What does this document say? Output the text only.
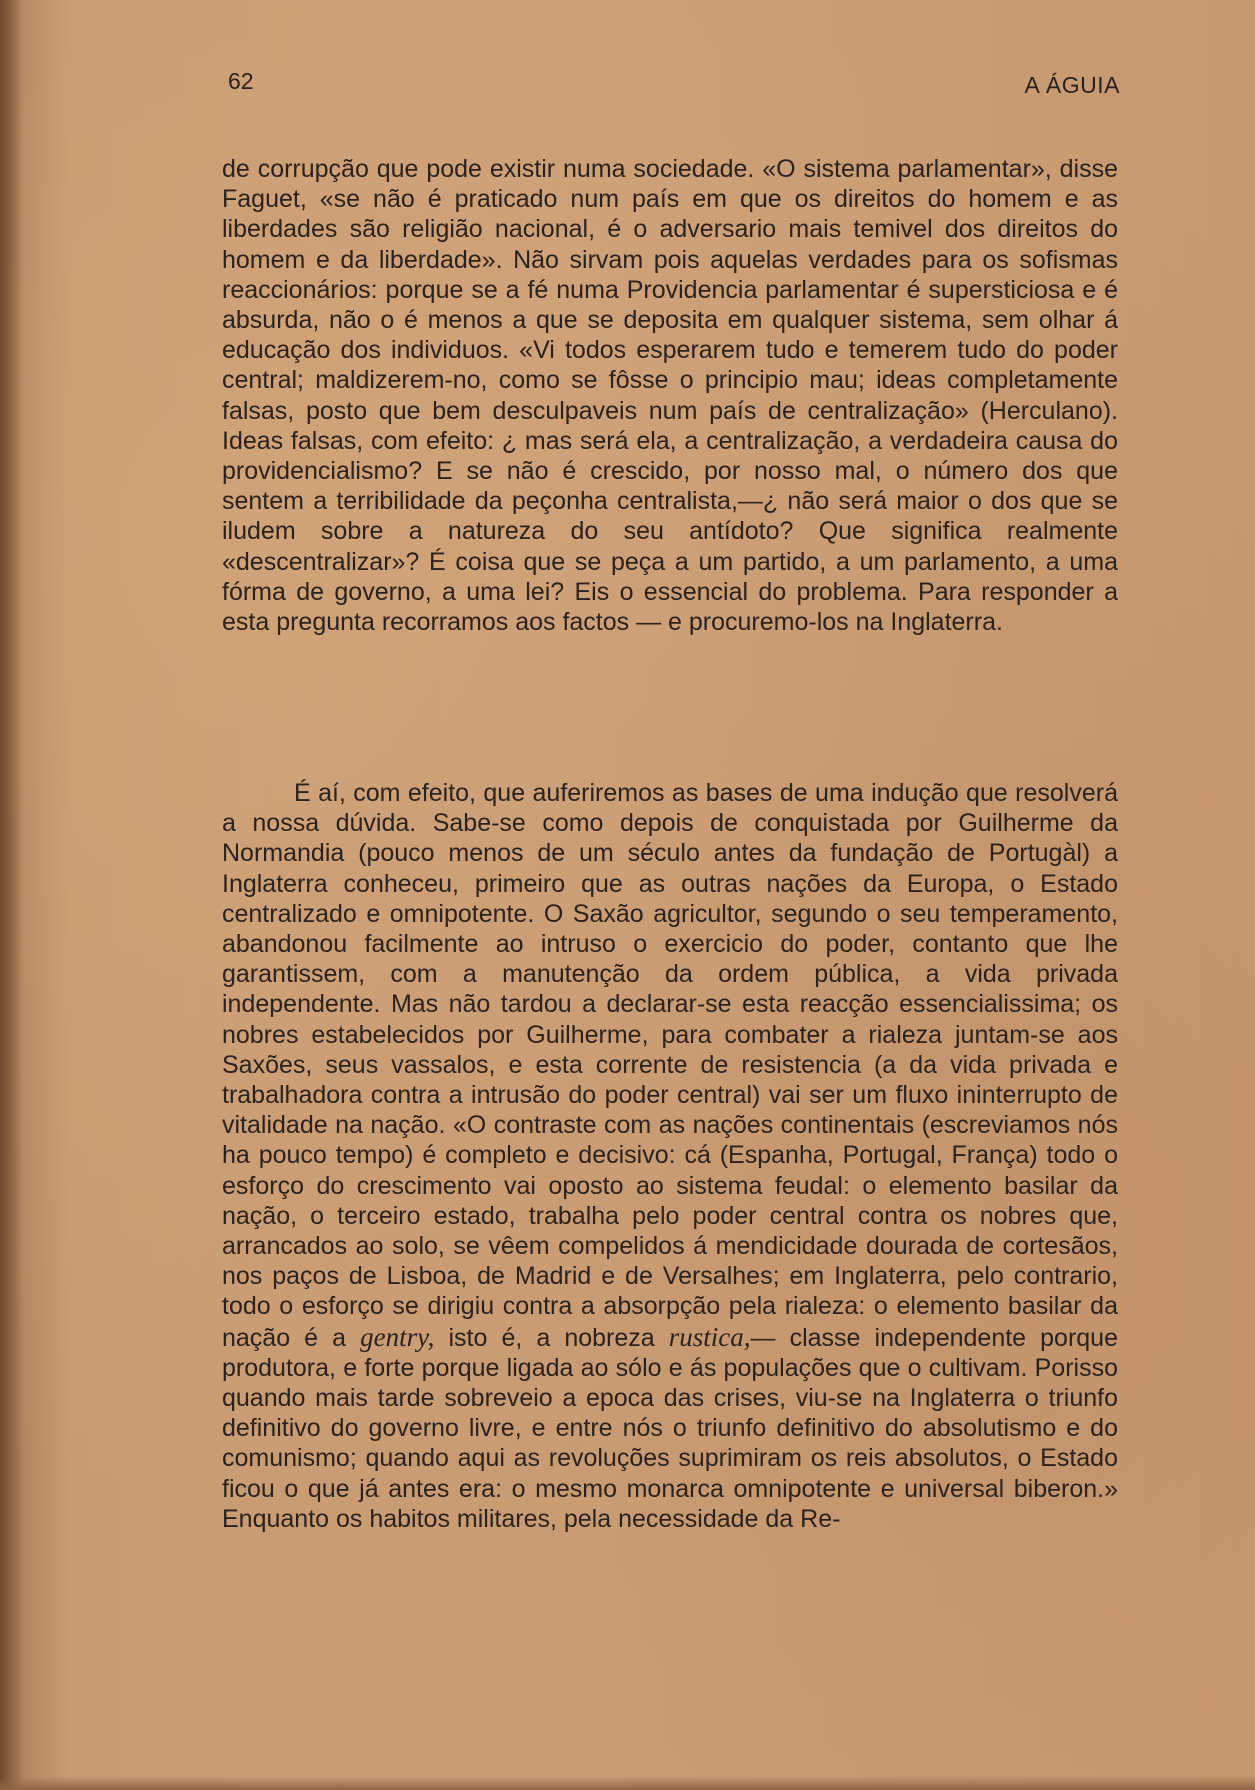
62	A ÁGUIA

de corrupção que pode existir numa sociedade. «O sistema parlamentar», disse Faguet, «se não é praticado num país em que os direitos do homem e as liberdades são religião nacional, é o adversario mais temivel dos direitos do homem e da liberdade». Não sirvam pois aquelas verdades para os sofismas reaccionários: porque se a fé numa Providencia parlamentar é supersticiosa e é absurda, não o é menos a que se deposita em qualquer sistema, sem olhar á educação dos individuos. «Vi todos esperarem tudo e temerem tudo do poder central; maldizerem-no, como se fôsse o principio mau; ideas completamente falsas, posto que bem desculpaveis num país de centralização» (Herculano). Ideas falsas, com efeito: ¿ mas será ela, a centralização, a verdadeira causa do providencialismo? E se não é crescido, por nosso mal, o número dos que sentem a terribilidade da peçonha centralista,—¿ não será maior o dos que se iludem sobre a natureza do seu antídoto? Que significa realmente «descentralizar»? É coisa que se peça a um partido, a um parlamento, a uma fórma de governo, a uma lei? Eis o essencial do problema. Para responder a esta pregunta recorramos aos factos — e procuremo-los na Inglaterra.

É aí, com efeito, que auferiremos as bases de uma indução que resolverá a nossa dúvida. Sabe-se como depois de conquistada por Guilherme da Normandia (pouco menos de um século antes da fundação de Portugàl) a Inglaterra conheceu, primeiro que as outras nações da Europa, o Estado centralizado e omnipotente. O Saxão agricultor, segundo o seu temperamento, abandonou facilmente ao intruso o exercicio do poder, contanto que lhe garantissem, com a manutenção da ordem pública, a vida privada independente. Mas não tardou a declarar-se esta reacção essencialissima; os nobres estabelecidos por Guilherme, para combater a rialeza juntam-se aos Saxões, seus vassalos, e esta corrente de resistencia (a da vida privada e trabalhadora contra a intrusão do poder central) vai ser um fluxo ininterrupto de vitalidade na nação. «O contraste com as nações continentais (escreviamos nós ha pouco tempo) é completo e decisivo: cá (Espanha, Portugal, França) todo o esforço do crescimento vai oposto ao sistema feudal: o elemento basilar da nação, o terceiro estado, trabalha pelo poder central contra os nobres que, arrancados ao solo, se vêem compelidos á mendicidade dourada de cortesãos, nos paços de Lisboa, de Madrid e de Versalhes; em Inglaterra, pelo contrario, todo o esforço se dirigiu contra a absorpção pela rialeza: o elemento basilar da nação é a gentry, isto é, a nobreza rustica,— classe independente porque produtora, e forte porque ligada ao sólo e ás populações que o cultivam. Porisso quando mais tarde sobreveio a epoca das crises, viu-se na Inglaterra o triunfo definitivo do governo livre, e entre nós o triunfo definitivo do absolutismo e do comunismo; quando aqui as revoluções suprimiram os reis absolutos, o Estado ficou o que já antes era: o mesmo monarca omnipotente e universal biberon.» Enquanto os habitos militares, pela necessidade da Re-
